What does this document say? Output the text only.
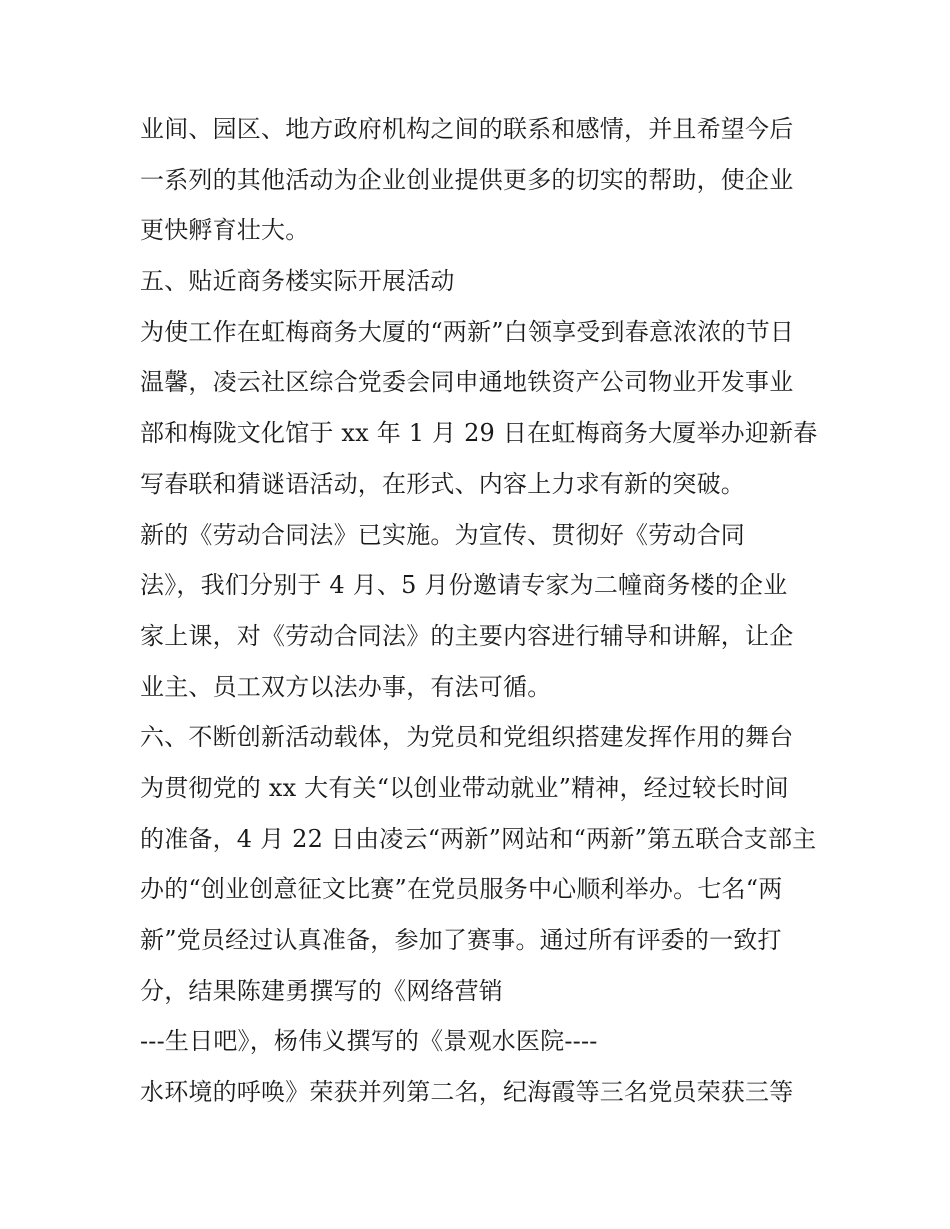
业间、园区、地方政府机构之间的联系和感情，并且希望今后
一系列的其他活动为企业创业提供更多的切实的帮助，使企业
更快孵育壮大。
五、贴近商务楼实际开展活动
为使工作在虹梅商务大厦的“两新”白领享受到春意浓浓的节日
温馨，凌云社区综合党委会同申通地铁资产公司物业开发事业
部和梅陇文化馆于 xx 年 1 月 29 日在虹梅商务大厦举办迎新春
写春联和猜谜语活动，在形式、内容上力求有新的突破。
新的《劳动合同法》已实施。为宣传、贯彻好《劳动合同
法》，我们分别于 4 月、5 月份邀请专家为二幢商务楼的企业
家上课，对《劳动合同法》的主要内容进行辅导和讲解，让企
业主、员工双方以法办事，有法可循。
六、不断创新活动载体，为党员和党组织搭建发挥作用的舞台
为贯彻党的 xx 大有关“以创业带动就业”精神，经过较长时间
的准备，4 月 22 日由凌云“两新”网站和“两新”第五联合支部主
办的“创业创意征文比赛”在党员服务中心顺利举办。七名“两
新”党员经过认真准备，参加了赛事。通过所有评委的一致打
分，结果陈建勇撰写的《网络营销
---生日吧》，杨伟义撰写的《景观水医院----
水环境的呼唤》荣获并列第二名，纪海霞等三名党员荣获三等
